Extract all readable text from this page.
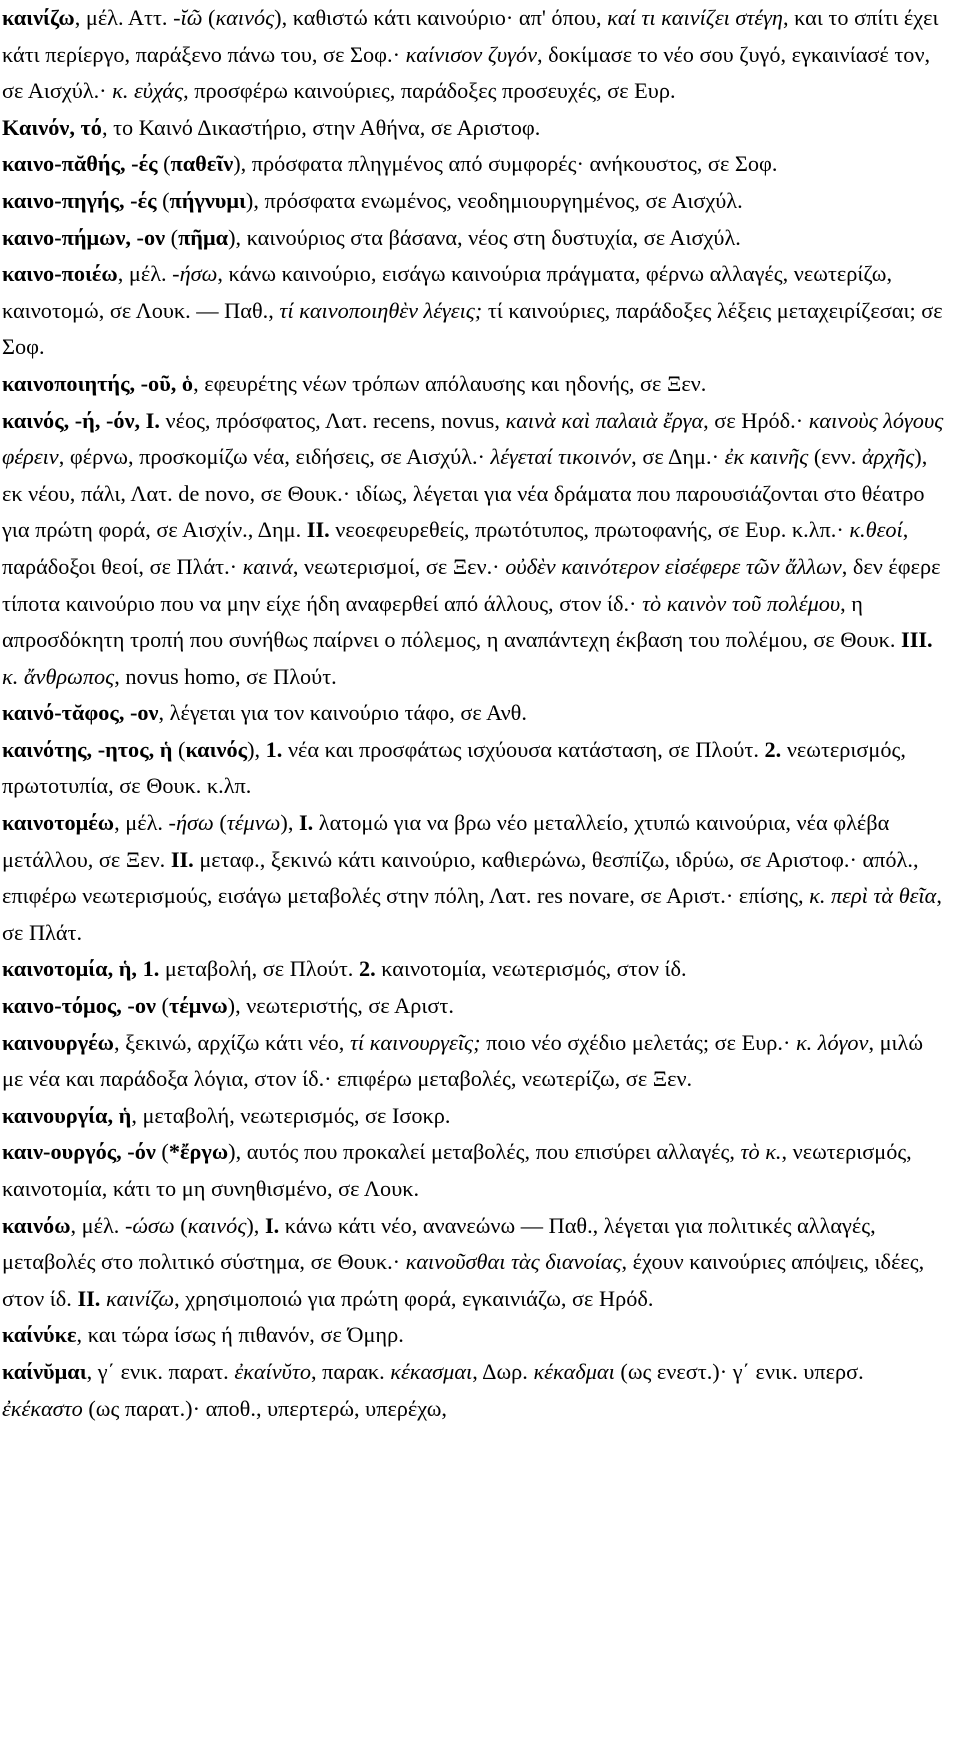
καινίζω, μέλ. Αττ. -ῐῶ (καινός), καθιστώ κάτι καινούριο· απ' όπου, καί τι καινίζει στέγη, και το σπίτι έχει κάτι περίεργο, παράξενο πάνω του, σε Σοφ.· καίνισον ζυγόν, δοκίμασε το νέο σου ζυγό, εγκαινίασέ τον, σε Αισχύλ.· κ. εὐχάς, προσφέρω καινούριες, παράδοξες προσευχές, σε Ευρ.

Καινόν, τό, το Καινό Δικαστήριο, στην Αθήνα, σε Αριστοφ.

καινο-πᾰθής, -ές (παθεῖν), πρόσφατα πληγμένος από συμφορές· ανήκουστος, σε Σοφ.

καινο-πηγής, -ές (πήγνυμι), πρόσφατα ενωμένος, νεοδημιουργημένος, σε Αισχύλ.

καινο-πήμων, -ον (πῆμα), καινούριος στα βάσανα, νέος στη δυστυχία, σε Αισχύλ.

καινο-ποιέω, μέλ. -ήσω, κάνω καινούριο, εισάγω καινούρια πράγματα, φέρνω αλλαγές, νεωτερίζω, καινοτομώ, σε Λουκ. — Παθ., τί καινοποιηθὲν λέγεις; τί καινούριες, παράδοξες λέξεις μεταχειρίζεσαι; σε Σοφ.

καινοποιητής, -οῦ, ὁ, εφευρέτης νέων τρόπων απόλαυσης και ηδονής, σε Ξεν.

καινός, -ή, -όν, I. νέος, πρόσφατος, Λατ. recens, novus, καινὰ καὶ παλαιὰ ἔργα, σε Ηρόδ.· καινοὺς λόγους φέρειν, φέρνω, προσκομίζω νέα, ειδήσεις, σε Αισχύλ.· λέγεταί τικοινόν, σε Δημ.· ἐκ καινῆς (ενν. ἀρχῆς), εκ νέου, πάλι, Λατ. de novo, σε Θουκ.· ιδίως, λέγεται για νέα δράματα που παρουσιάζονται στο θέατρο για πρώτη φορά, σε Αισχίν., Δημ. II. νεοεφευρεθείς, πρωτότυπος, πρωτοφανής, σε Ευρ. κ.λπ.· κ.θεοί, παράδοξοι θεοί, σε Πλάτ.· καινά, νεωτερισμοί, σε Ξεν.· οὐδὲν καινότερον εἰσέφερε τῶν ἄλλων, δεν έφερε τίποτα καινούριο που να μην είχε ήδη αναφερθεί από άλλους, στον ίδ.· τὸ καινὸν τοῦ πολέμου, η απροσδόκητη τροπή που συνήθως παίρνει ο πόλεμος, η αναπάντεχη έκβαση του πολέμου, σε Θουκ. III. κ. ἄνθρωπος, novus homo, σε Πλούτ.

καινό-τᾰφος, -ον, λέγεται για τον καινούριο τάφο, σε Ανθ.

καινότης, -ητος, ἡ (καινός), 1. νέα και προσφάτως ισχύουσα κατάσταση, σε Πλούτ. 2. νεωτερισμός, πρωτοτυπία, σε Θουκ. κ.λπ.

καινοτομέω, μέλ. -ήσω (τέμνω), I. λατομώ για να βρω νέο μεταλλείο, χτυπώ καινούρια, νέα φλέβα μετάλλου, σε Ξεν. II. μεταφ., ξεκινώ κάτι καινούριο, καθιερώνω, θεσπίζω, ιδρύω, σε Αριστοφ.· απόλ., επιφέρω νεωτερισμούς, εισάγω μεταβολές στην πόλη, Λατ. res novare, σε Αριστ.· επίσης, κ. περὶ τὰ θεῖα, σε Πλάτ.

καινοτομία, ἡ, 1. μεταβολή, σε Πλούτ. 2. καινοτομία, νεωτερισμός, στον ίδ.

καινο-τόμος, -ον (τέμνω), νεωτεριστής, σε Αριστ.

καινουργέω, ξεκινώ, αρχίζω κάτι νέο, τί καινουργεῖς; ποιο νέο σχέδιο μελετάς; σε Ευρ.· κ. λόγον, μιλώ με νέα και παράδοξα λόγια, στον ίδ.· επιφέρω μεταβολές, νεωτερίζω, σε Ξεν.

καινουργία, ἡ, μεταβολή, νεωτερισμός, σε Ισοκρ.

καιν-ουργός, -όν (*ἔργω), αυτός που προκαλεί μεταβολές, που επισύρει αλλαγές, τὸ κ., νεωτερισμός, καινοτομία, κάτι το μη συνηθισμένο, σε Λουκ.

καινόω, μέλ. -ώσω (καινός), I. κάνω κάτι νέο, ανανεώνω — Παθ., λέγεται για πολιτικές αλλαγές, μεταβολές στο πολιτικό σύστημα, σε Θουκ.· καινοῦσθαι τὰς διανοίας, έχουν καινούριες απόψεις, ιδέες, στον ίδ. II. καινίζω, χρησιμοποιώ για πρώτη φορά, εγκαινιάζω, σε Ηρόδ.

καίνύκε, και τώρα ίσως ή πιθανόν, σε Όμηρ.

καίνῠμαι, γ΄ ενικ. παρατ. ἐκαίνῠτο, παρακ. κέκασμαι, Δωρ. κέκαδμαι (ως ενεστ.)· γ΄ ενικ. υπερσ. ἐκέκαστο (ως παρατ.)· αποθ., υπερτερώ, υπερέχω,
